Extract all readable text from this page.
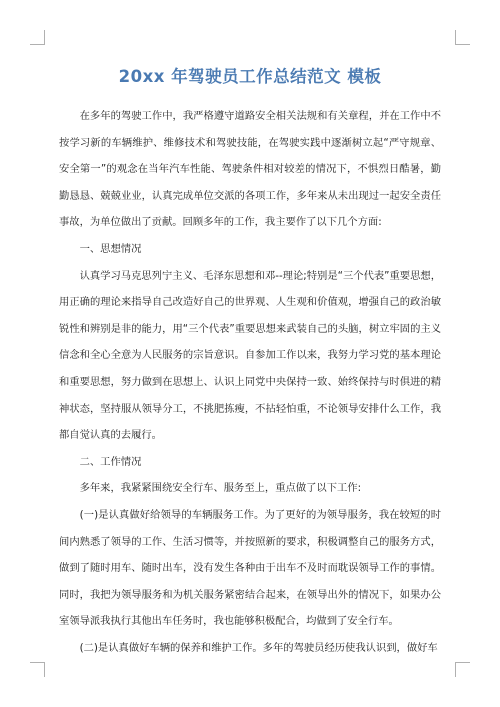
20xx 年驾驶员工作总结范文 模板

在多年的驾驶工作中，我严格遵守道路安全相关法规和有关章程，并在工作中不按学习新的车辆维护、维修技术和驾驶技能，在驾驶实践中逐渐树立起“严守规章、安全第一”的观念在当年汽车性能、驾驶条件相对较差的情况下，不惧烈日酷暑，勤勤恳恳、兢兢业业，认真完成单位交派的各项工作，多年来从未出现过一起安全责任事故，为单位做出了贡献。回顾多年的工作，我主要作了以下几个方面:

一、思想情况

认真学习马克思列宁主义、毛泽东思想和邓--理论;特别是“三个代表”重要思想，用正确的理论来指导自己改造好自己的世界观、人生观和价值观，增强自己的政治敏锐性和辨别是非的能力，用“三个代表”重要思想来武装自己的头脑，树立牢固的主义信念和全心全意为人民服务的宗旨意识。自参加工作以来，我努力学习党的基本理论和重要思想，努力做到在思想上、认识上同党中央保持一致、始终保持与时俱进的精神状态，坚持服从领导分工，不挑肥拣瘦，不拈轻怕重，不论领导安排什么工作，我都自觉认真的去履行。

二、工作情况

多年来，我紧紧围绕安全行车、服务至上，重点做了以下工作:

(一)是认真做好给领导的车辆服务工作。为了更好的为领导服务，我在较短的时间内熟悉了领导的工作、生活习惯等，并按照新的要求，积极调整自己的服务方式，做到了随时用车、随时出车，没有发生各种由于出车不及时而耽误领导工作的事情。同时，我把为领导服务和为机关服务紧密结合起来，在领导出外的情况下，如果办公室领导派我执行其他出车任务时，我也能够积极配合，均做到了安全行车。

(二)是认真做好车辆的保养和维护工作。多年的驾驶员经历使我认识到，做好车
